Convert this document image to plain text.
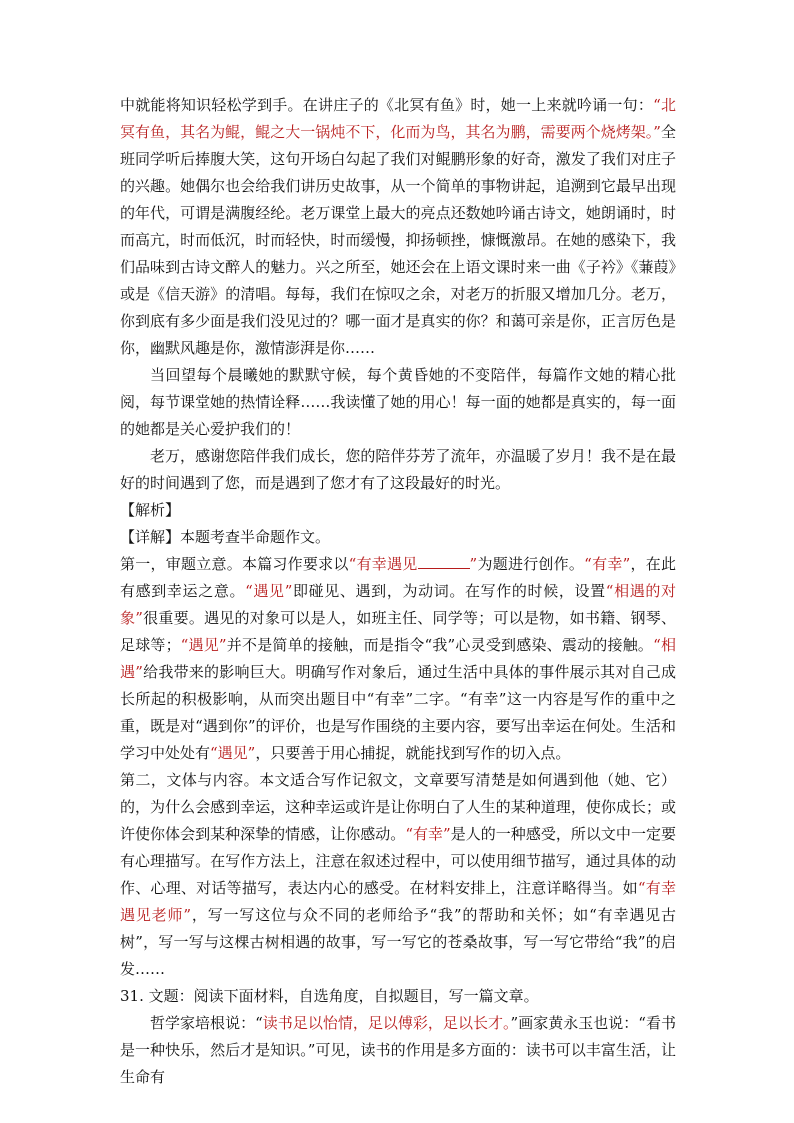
中就能将知识轻松学到手。在讲庄子的《北冥有鱼》时，她一上来就吟诵一句：“北冥有鱼，其名为鲲，鲲之大一锅炖不下，化而为鸟，其名为鹏，需要两个烧烤架。”全班同学听后捧腹大笑，这句开场白勾起了我们对鲲鹏形象的好奇，激发了我们对庄子的兴趣。她偶尔也会给我们讲历史故事，从一个简单的事物讲起，追溯到它最早出现的年代，可谓是满腹经纶。老万课堂上最大的亮点还数她吟诵古诗文，她朗诵时，时而高亢，时而低沉，时而轻快，时而缓慢，抑扬顿挫，慷慨激昂。在她的感染下，我们品味到古诗文醉人的魅力。兴之所至，她还会在上语文课时来一曲《子衿》《蒹葭》或是《信天游》的清唱。每每，我们在惊叹之余，对老万的折服又增加几分。老万，你到底有多少面是我们没见过的？哪一面才是真实的你？和蔼可亲是你，正言厉色是你，幽默风趣是你，激情澎湃是你……

当回望每个晨曦她的默默守候，每个黄昏她的不变陪伴，每篇作文她的精心批阅，每节课堂她的热情诠释……我读懂了她的用心！每一面的她都是真实的，每一面的她都是关心爱护我们的！

老万，感谢您陪伴我们成长，您的陪伴芬芳了流年，亦温暖了岁月！我不是在最好的时间遇到了您，而是遇到了您才有了这段最好的时光。

【解析】

【详解】本题考查半命题作文。

第一，审题立意。本篇习作要求以“有幸遇见	”为题进行创作。“有幸”，在此有感到幸运之意。“遇见”即碰见、遇到，为动词。在写作的时候，设置“相遇的对象”很重要。遇见的对象可以是人，如班主任、同学等；可以是物，如书籍、钢琴、足球等；“遇见”并不是简单的接触，而是指令“我”心灵受到感染、震动的接触。“相遇”给我带来的影响巨大。明确写作对象后，通过生活中具体的事件展示其对自己成长所起的积极影响，从而突出题目中“有幸”二字。“有幸”这一内容是写作的重中之重，既是对“遇到你”的评价，也是写作围绕的主要内容，要写出幸运在何处。生活和学习中处处有“遇见”，只要善于用心捕捉，就能找到写作的切入点。

第二，文体与内容。本文适合写作记叙文，文章要写清楚是如何遇到他（她、它）的，为什么会感到幸运，这种幸运或许是让你明白了人生的某种道理，使你成长；或许使你体会到某种深挚的情感，让你感动。“有幸”是人的一种感受，所以文中一定要有心理描写。在写作方法上，注意在叙述过程中，可以使用细节描写，通过具体的动作、心理、对话等描写，表达内心的感受。在材料安排上，注意详略得当。如“有幸遇见老师”，写一写这位与众不同的老师给予“我”的帮助和关怀；如“有幸遇见古树”，写一写与这棵古树相遇的故事，写一写它的苍桑故事，写一写它带给“我”的启发……

31. 文题：阅读下面材料，自选角度，自拟题目，写一篇文章。

哲学家培根说：“读书足以怡情，足以傅彩，足以长才。”画家黄永玉也说：“看书是一种快乐，然后才是知识。”可见，读书的作用是多方面的：读书可以丰富生活，让生命有
